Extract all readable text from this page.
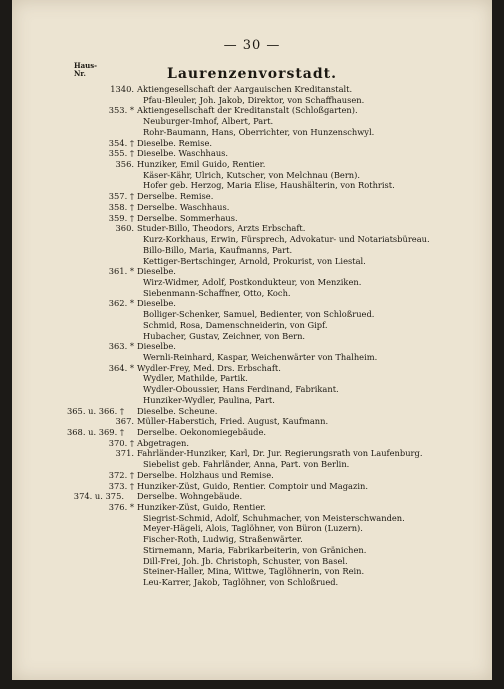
— 30 —
Haus-
Nr.	Laurenzenvorstadt.
1340. Aktiengesellschaft der Aargauischen Kreditanstalt.
Pfau-Bleuler, Joh. Jakob, Direktor, von Schaffhausen.
353. * Aktiengesellschaft der Kreditanstalt (Schloßgarten).
Neuburger-Imhof, Albert, Part.
Rohr-Baumann, Hans, Oberrichter, von Hunzenschwyl.
354. † Dieselbe. Remise.
355. † Dieselbe. Waschhaus.
356. Hunziker, Emil Guido, Rentier.
Käser-Kähr, Ulrich, Kutscher, von Melchnau (Bern).
Hofer geb. Herzog, Maria Elise, Haushälterin, von Rothrist.
357. † Derselbe. Remise.
358. † Derselbe. Waschhaus.
359. † Derselbe. Sommerhaus.
360. Studer-Billo, Theodors, Arzts Erbschaft.
Kurz-Korkhaus, Erwin, Fürsprech, Advokatur- und Notariatsbüreau.
Billo-Billo, Maria, Kaufmanns, Part.
Kettiger-Bertschinger, Arnold, Prokurist, von Liestal.
361. * Dieselbe.
Wirz-Widmer, Adolf, Postkondukteur, von Menziken.
Siebenmann-Schaffner, Otto, Koch.
362. * Dieselbe.
Bolliger-Schenker, Samuel, Bedienter, von Schloßrued.
Schmid, Rosa, Damenschneiderin, von Gipf.
Hubacher, Gustav, Zeichner, von Bern.
363. * Dieselbe.
Wernli-Reinhard, Kaspar, Weichenwärter von Thalheim.
364. * Wydler-Frey, Med. Drs. Erbschaft.
Wydler, Mathilde, Partik.
Wydler-Oboussier, Hans Ferdinand, Fabrikant.
Hunziker-Wydler, Paulina, Part.
365. u. 366. † Dieselbe. Scheune.
367. Müller-Haberstich, Fried. August, Kaufmann.
368. u. 369. † Derselbe. Oekonomiegebäude.
370. † Abgetragen.
371. Fahrländer-Hunziker, Karl, Dr. Jur. Regierungsrath von Laufenburg.
Siebelist geb. Fahrländer, Anna, Part. von Berlin.
372. † Derselbe. Holzhaus und Remise.
373. † Hunziker-Züst, Guido, Rentier. Comptoir und Magazin.
374. u. 375. Derselbe. Wohngebäude.
376. * Hunziker-Züst, Guido, Rentier.
Siegrist-Schmid, Adolf, Schuhmacher, von Meisterschwanden.
Meyer-Hägeli, Alois, Taglöhner, von Büron (Luzern).
Fischer-Roth, Ludwig, Straßenwärter.
Stirnemann, Maria, Fabrikarbeiterin, von Gränichen.
Dill-Frei, Joh. Jb. Christoph, Schuster, von Basel.
Steiner-Haller, Mina, Wittwe, Taglöhnerin, von Rein.
Leu-Karrer, Jakob, Taglöhner, von Schloßrued.
